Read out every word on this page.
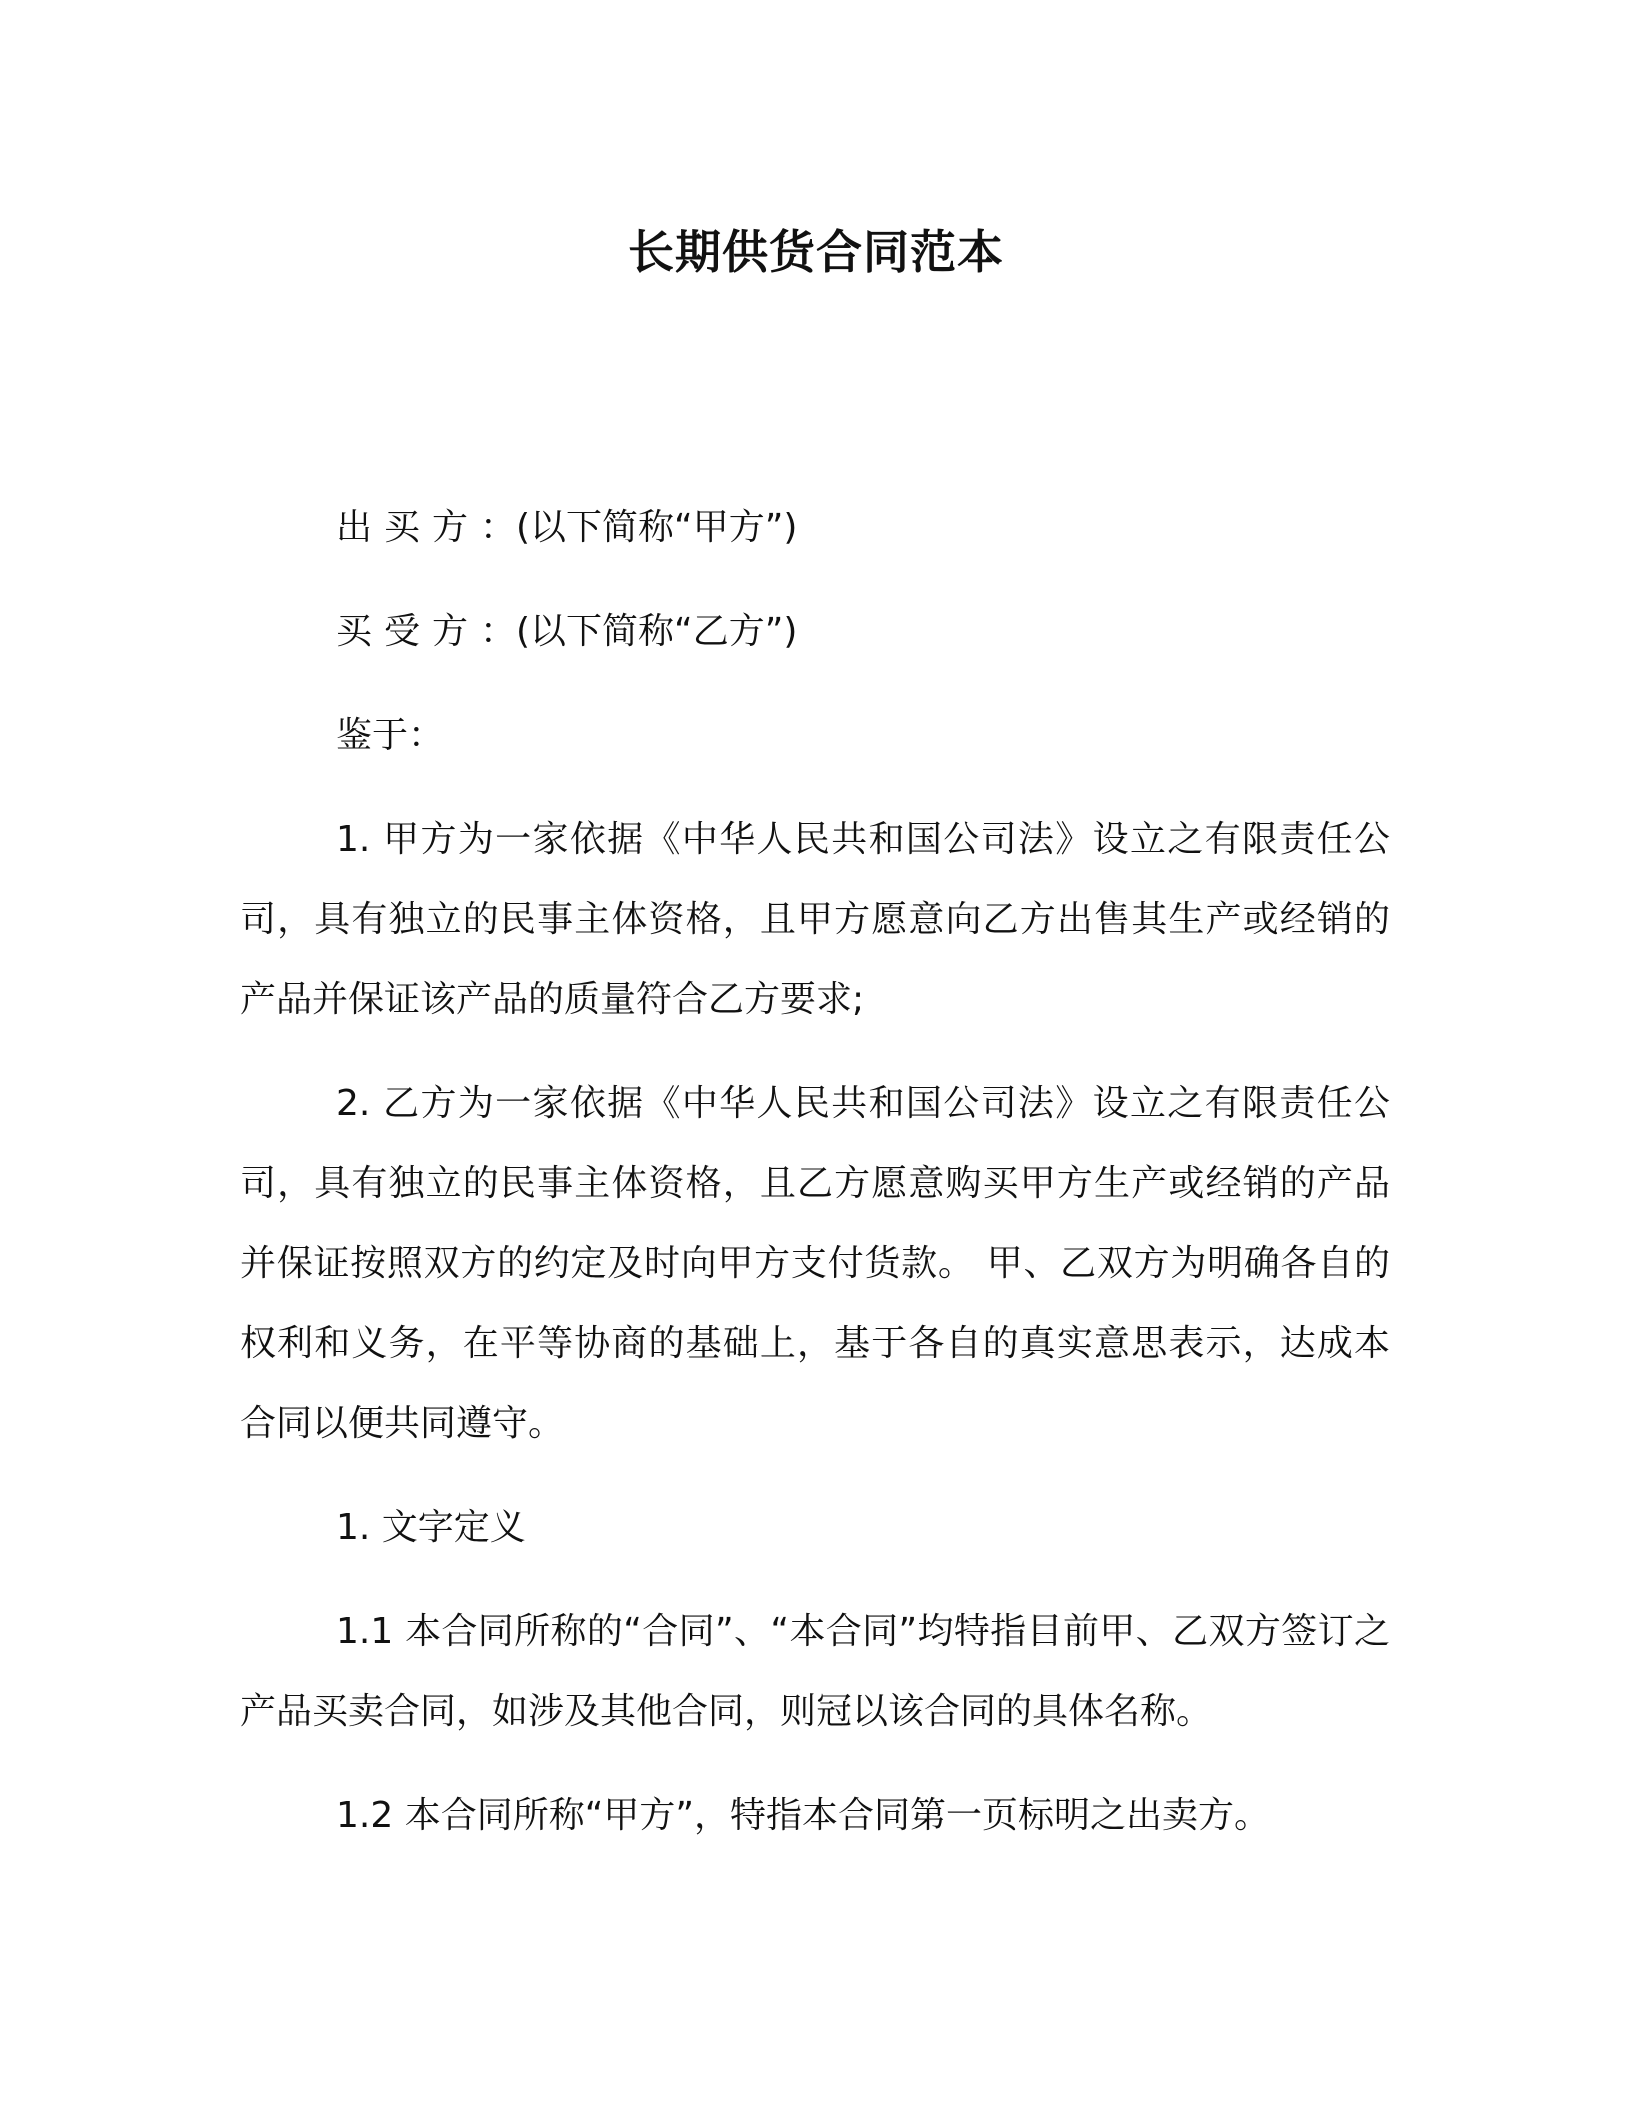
长期供货合同范本

出买方：(以下简称“甲方”)

买受方：(以下简称“乙方”)

鉴于：

1. 甲方为一家依据《中华人民共和国公司法》设立之有限责任公司，具有独立的民事主体资格，且甲方愿意向乙方出售其生产或经销的产品并保证该产品的质量符合乙方要求;

2. 乙方为一家依据《中华人民共和国公司法》设立之有限责任公司，具有独立的民事主体资格，且乙方愿意购买甲方生产或经销的产品并保证按照双方的约定及时向甲方支付货款。 甲、乙双方为明确各自的权利和义务，在平等协商的基础上，基于各自的真实意思表示，达成本合同以便共同遵守。

1. 文字定义

1.1 本合同所称的“合同”、“本合同”均特指目前甲、乙双方签订之产品买卖合同，如涉及其他合同，则冠以该合同的具体名称。

1.2 本合同所称“甲方”，特指本合同第一页标明之出卖方。
